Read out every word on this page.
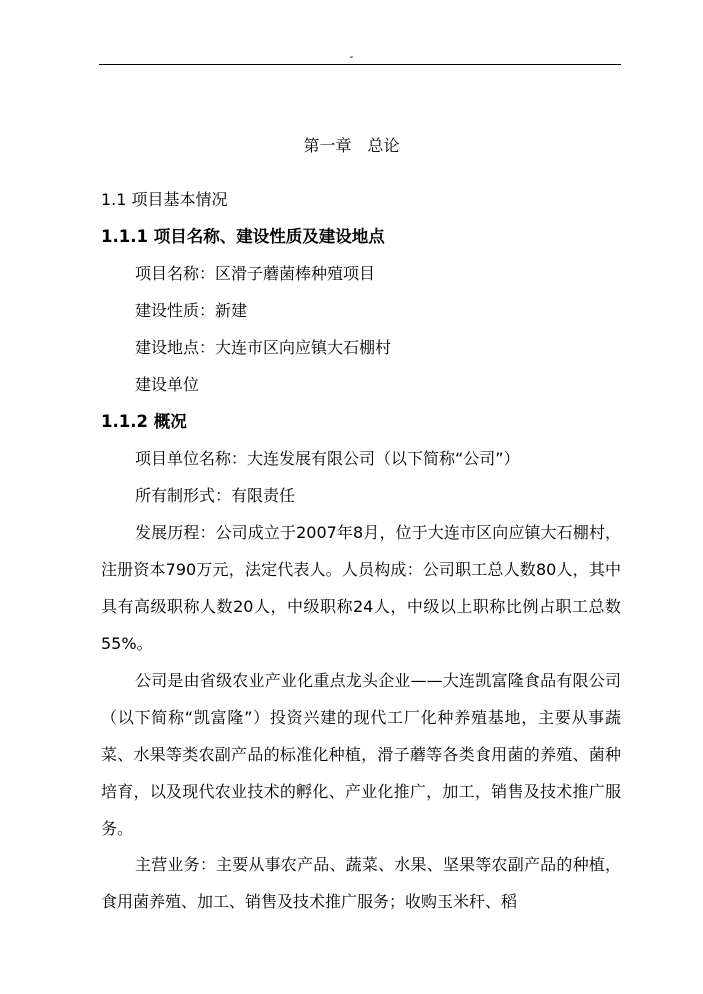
-
第一章　总论
1.1 项目基本情况
1.1.1 项目名称、建设性质及建设地点
项目名称：区滑子蘑菌棒种殖项目
建设性质：新建
建设地点：大连市区向应镇大石棚村
建设单位
1.1.2 概况
项目单位名称：大连发展有限公司（以下简称“公司”）
所有制形式：有限责任

发展历程：公司成立于2007年8月，位于大连市区向应镇大石棚村，注册资本790万元，法定代表人。人员构成：公司职工总人数80人，其中具有高级职称人数20人，中级职称24人，中级以上职称比例占职工总数55%。

公司是由省级农业产业化重点龙头企业——大连凯富隆食品有限公司（以下简称“凯富隆”）投资兴建的现代工厂化种养殖基地，主要从事蔬菜、水果等类农副产品的标准化种植，滑子蘑等各类食用菌的养殖、菌种培育，以及现代农业技术的孵化、产业化推广，加工，销售及技术推广服务。

主营业务：主要从事农产品、蔬菜、水果、坚果等农副产品的种植，食用菌养殖、加工、销售及技术推广服务；收购玉米秆、稻
